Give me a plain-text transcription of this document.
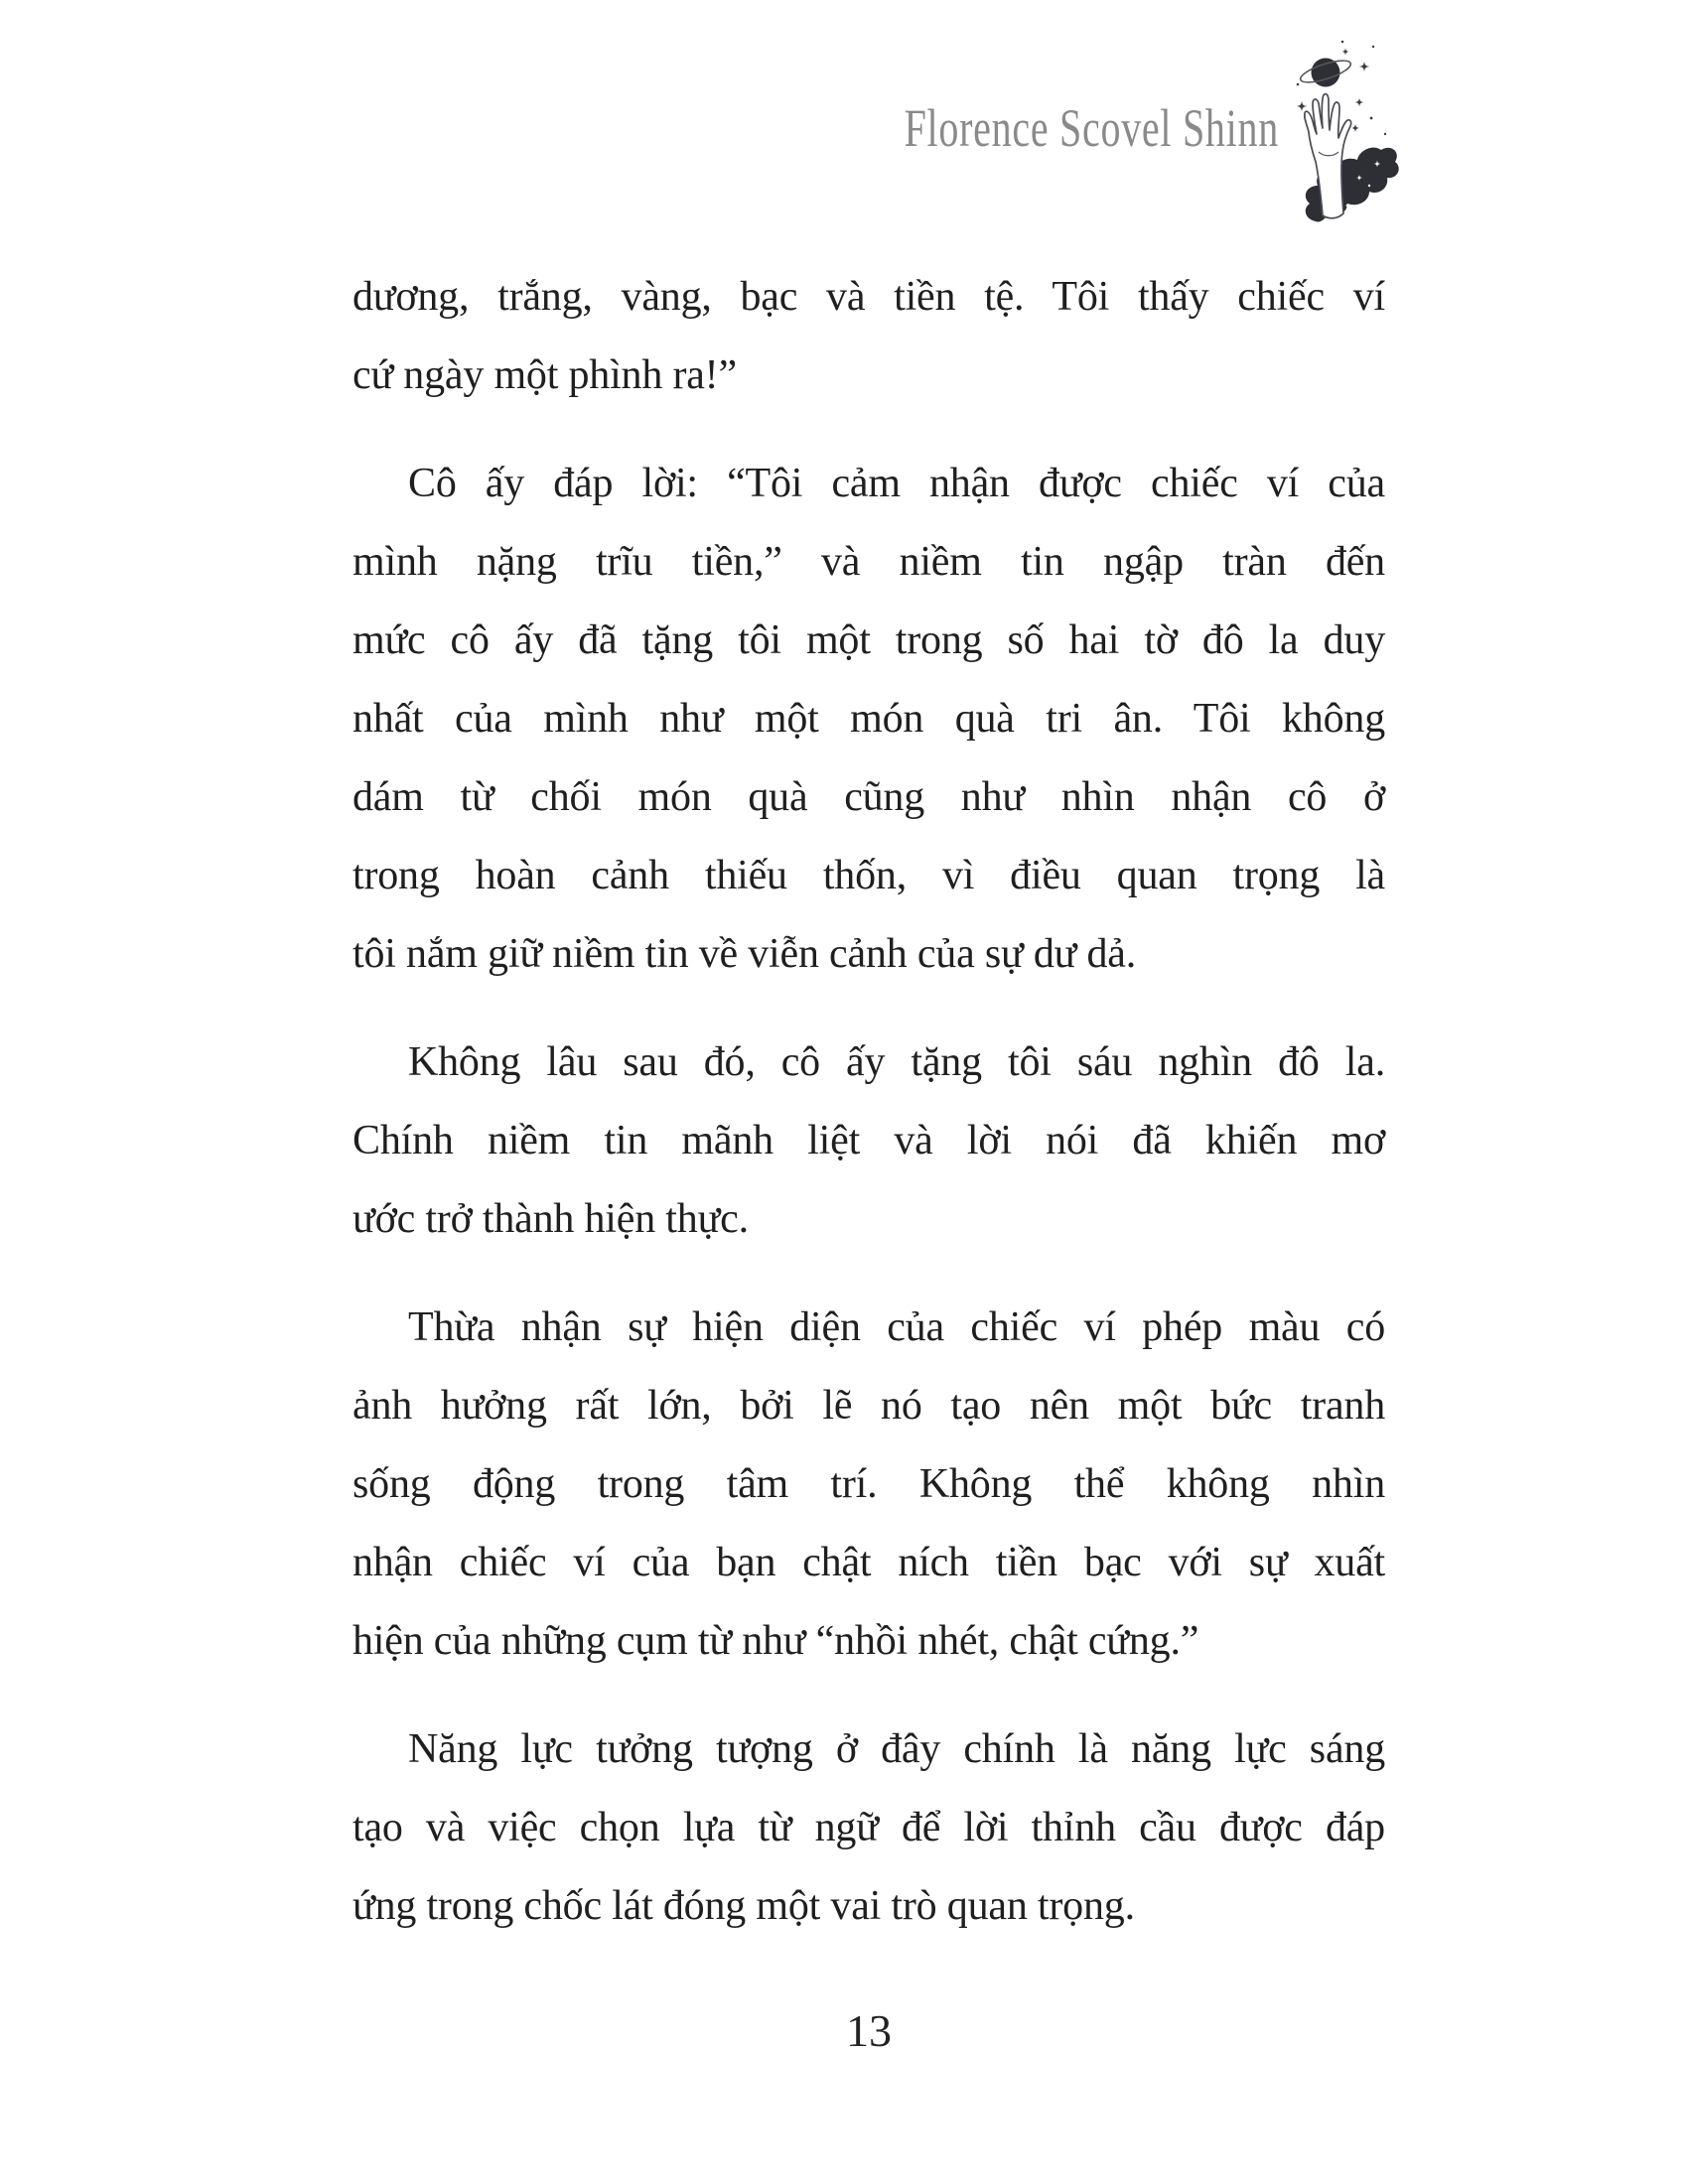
Florence Scovel Shinn
dương, trắng, vàng, bạc và tiền tệ. Tôi thấy chiếc ví
cứ ngày một phình ra!”
Cô ấy đáp lời: “Tôi cảm nhận được chiếc ví của
mình nặng trĩu tiền,” và niềm tin ngập tràn đến
mức cô ấy đã tặng tôi một trong số hai tờ đô la duy
nhất của mình như một món quà tri ân. Tôi không
dám từ chối món quà cũng như nhìn nhận cô ở
trong hoàn cảnh thiếu thốn, vì điều quan trọng là
tôi nắm giữ niềm tin về viễn cảnh của sự dư dả.
Không lâu sau đó, cô ấy tặng tôi sáu nghìn đô la.
Chính niềm tin mãnh liệt và lời nói đã khiến mơ
ước trở thành hiện thực.
Thừa nhận sự hiện diện của chiếc ví phép màu có
ảnh hưởng rất lớn, bởi lẽ nó tạo nên một bức tranh
sống động trong tâm trí. Không thể không nhìn
nhận chiếc ví của bạn chật ních tiền bạc với sự xuất
hiện của những cụm từ như “nhồi nhét, chật cứng.”
Năng lực tưởng tượng ở đây chính là năng lực sáng
tạo và việc chọn lựa từ ngữ để lời thỉnh cầu được đáp
ứng trong chốc lát đóng một vai trò quan trọng.
13
